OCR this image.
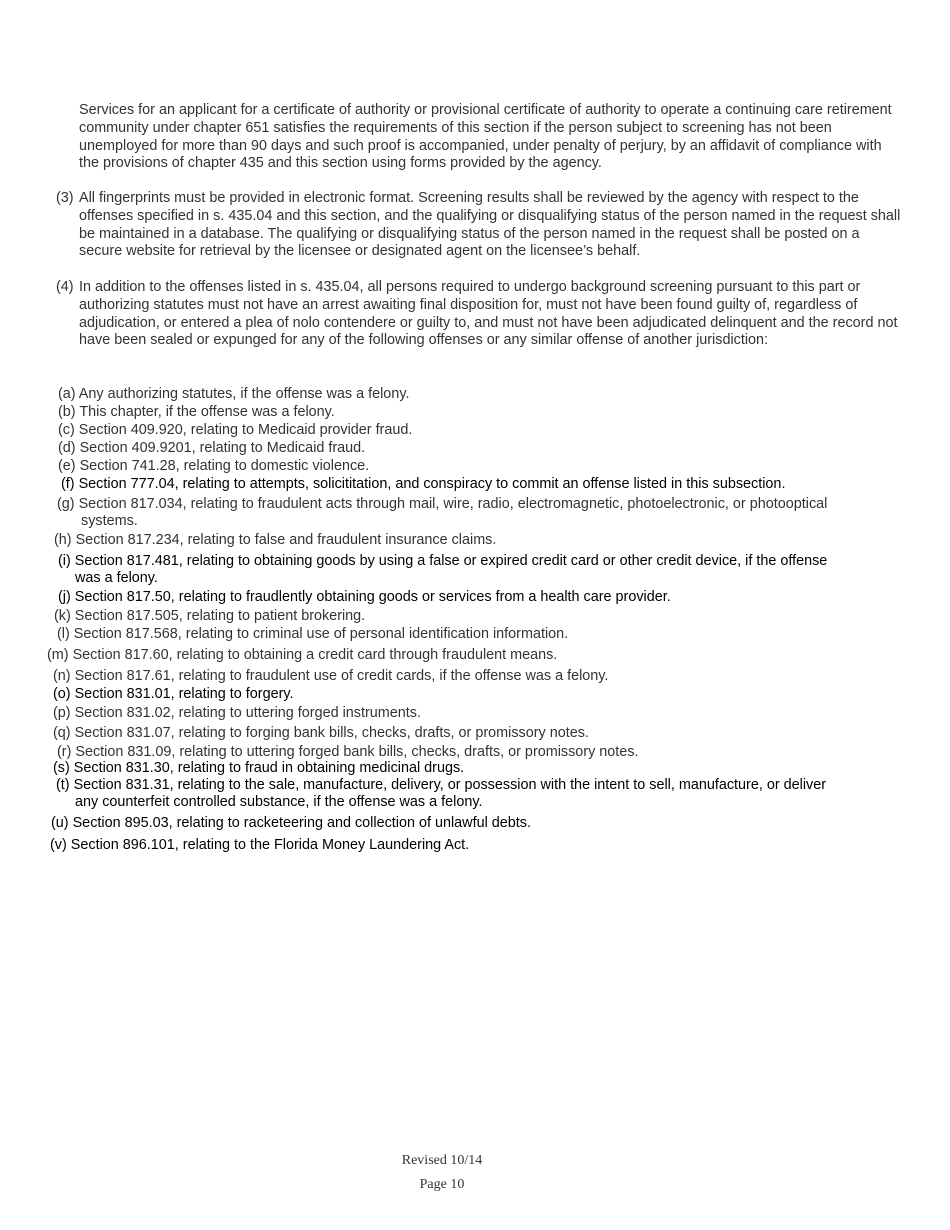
Services for an applicant for a certificate of authority or provisional certificate of authority to operate a continuing care retirement community under chapter 651 satisfies the requirements of this section if the person subject to screening has not been unemployed for more than 90 days and such proof is accompanied, under penalty of perjury, by an affidavit of compliance with the provisions of chapter 435 and this section using forms provided by the agency.
(3) All fingerprints must be provided in electronic format. Screening results shall be reviewed by the agency with respect to the offenses specified in s. 435.04 and this section, and the qualifying or disqualifying status of the person named in the request shall be maintained in a database. The qualifying or disqualifying status of the person named in the request shall be posted on a secure website for retrieval by the licensee or designated agent on the licensee’s behalf.
(4) In addition to the offenses listed in s. 435.04, all persons required to undergo background screening pursuant to this part or authorizing statutes must not have an arrest awaiting final disposition for, must not have been found guilty of, regardless of adjudication, or entered a plea of nolo contendere or guilty to, and must not have been adjudicated delinquent and the record not have been sealed or expunged for any of the following offenses or any similar offense of another jurisdiction:

(a) Any authorizing statutes, if the offense was a felony.

(b) This chapter, if the offense was a felony.

(c) Section 409.920, relating to Medicaid provider fraud.

(d) Section 409.9201, relating to Medicaid fraud.

(e) Section 741.28, relating to domestic violence.

(f) Section 777.04, relating to attempts, solicititation, and conspiracy to commit an offense listed in this subsection.

(g) Section 817.034, relating to fraudulent acts through mail, wire, radio, electromagnetic, photoelectronic, or photooptical
systems.

(h) Section 817.234, relating to false and fraudulent insurance claims.

(i) Section 817.481, relating to obtaining goods by using a false or expired credit card or other credit device, if the offense
was a felony.

(j) Section 817.50, relating to fraudlently obtaining goods or services from a health care provider.

(k) Section 817.505, relating to patient brokering.

(l) Section 817.568, relating to criminal use of personal identification information.

(m) Section 817.60, relating to obtaining a credit card through fraudulent means.

(n) Section 817.61, relating to fraudulent use of credit cards, if the offense was a felony.

(o) Section 831.01, relating to forgery.

(p) Section 831.02, relating to uttering forged instruments.

(q) Section 831.07, relating to forging bank bills, checks, drafts, or promissory notes.

(r) Section 831.09, relating to uttering forged bank bills, checks, drafts, or promissory notes.

(s) Section 831.30, relating to fraud in obtaining medicinal drugs.

(t) Section 831.31, relating to the sale, manufacture, delivery, or possession with the intent to sell, manufacture, or deliver
any counterfeit controlled substance, if the offense was a felony.

(u) Section 895.03, relating to racketeering and collection of unlawful debts.

(v) Section 896.101, relating to the Florida Money Laundering Act.

Revised 10/14
Page 10
